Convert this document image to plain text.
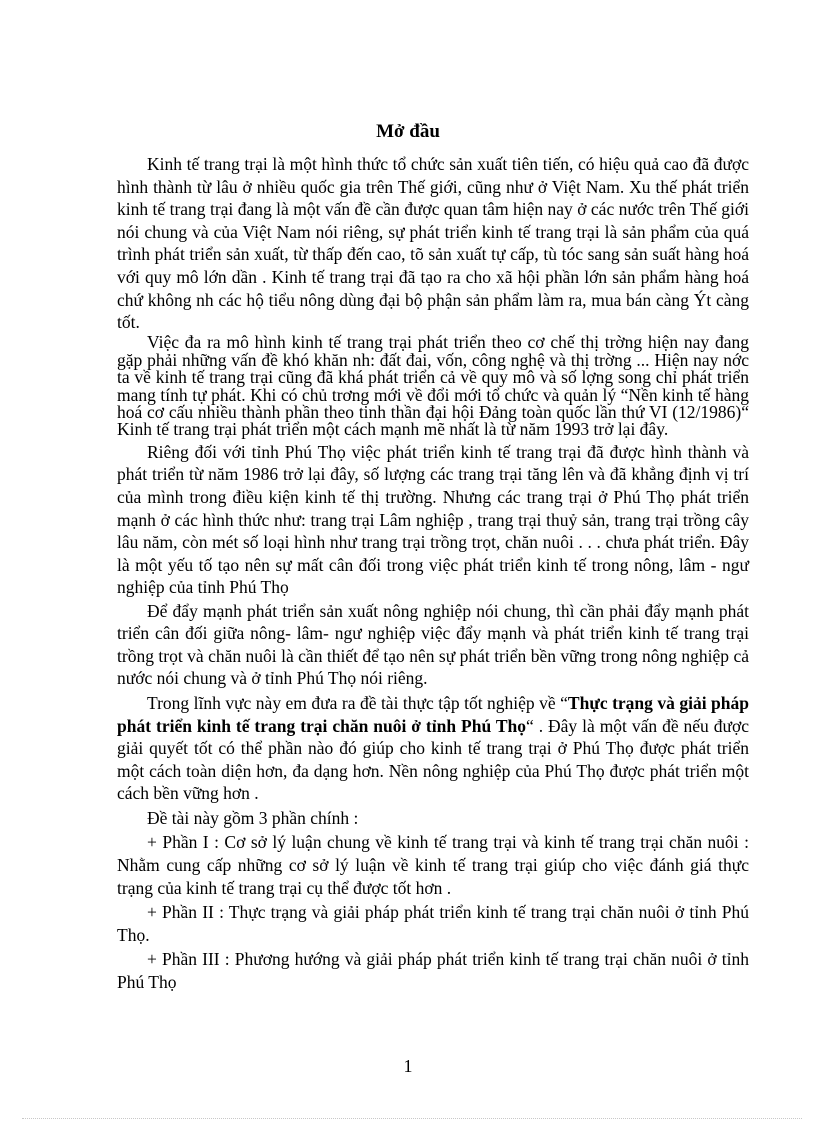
Mở đầu

Kinh tế trang trại là một hình thức tổ chức sản xuất tiên tiến, có hiệu quả cao đã được hình thành từ lâu ở nhiều quốc gia trên Thế giới, cũng như ở Việt Nam. Xu thế phát triển kinh tế trang trại đang là một vấn đề cần được quan tâm hiện nay ở các nước trên Thế giới nói chung và của Việt Nam nói riêng, sự phát triển kinh tế trang trại là sản phẩm của quá trình phát triển sản xuất, từ thấp đến cao, tõ sản xuất tự cấp, tù tóc sang sản suất hàng hoá với quy mô lớn dần . Kinh tế trang trại đã tạo ra cho xã hội phần lớn sản phẩm hàng hoá chứ không nh các hộ tiểu nông dùng đại bộ phận sản phẩm làm ra, mua bán càng Ýt càng tốt.

Việc đa ra mô hình kinh tế trang trại phát triển theo cơ chế thị trờng hiện nay đang gặp phải những vấn đề khó khăn nh: đất đai, vốn, công nghệ và thị trờng ... Hiện nay nớc ta về kinh tế trang trại cũng đã khá phát triển cả về quy mô và số lợng song chỉ phát triển mang tính tự phát. Khi có chủ trơng mới về đổi mới tổ chức và quản lý “Nền kinh tế hàng hoá cơ cấu nhiều thành phần theo tinh thần đại hội Đảng toàn quốc lần thứ VI (12/1986)“ Kinh tế trang trại phát triển một cách mạnh mẽ nhất là từ năm 1993 trở lại đây.

Riêng đối với tỉnh Phú Thọ việc phát triển kinh tế trang trại đã được hình thành và phát triển từ năm 1986 trở lại đây, số lượng các trang trại tăng lên và đã khẳng định vị trí của mình trong điều kiện kinh tế thị trường. Nhưng các trang trại ở Phú Thọ phát triển mạnh ở các hình thức như: trang trại Lâm nghiệp , trang trại thuỷ sản, trang trại trồng cây lâu năm, còn mét số loại hình như trang trại trồng trọt, chăn nuôi . . . chưa phát triển. Đây là một yếu tố tạo nên sự mất cân đối trong việc phát triển kinh tế trong nông, lâm - ngư nghiệp của tỉnh Phú Thọ

Để đẩy mạnh phát triển sản xuất nông nghiệp nói chung, thì cần phải đẩy mạnh phát triển cân đối giữa nông- lâm- ngư nghiệp việc đẩy mạnh và phát triển kinh tế trang trại trồng trọt và chăn nuôi là cần thiết để tạo nên sự phát triển bền vững trong nông nghiệp cả nước nói chung và ở tỉnh Phú Thọ nói riêng.

Trong lĩnh vực này em đưa ra đề tài thực tập tốt nghiệp về “Thực trạng và giải pháp phát triển kinh tế trang trại chăn nuôi ở tỉnh Phú Thọ“ . Đây là một vấn đề nếu được giải quyết tốt có thể phần nào đó giúp cho kinh tế trang trại ở Phú Thọ được phát triển một cách toàn diện hơn, đa dạng hơn. Nền nông nghiệp của Phú Thọ được phát triển một cách bền vững hơn .

Đề tài này gồm 3 phần chính :

+ Phần I : Cơ sở lý luận chung về kinh tế trang trại và kinh tế trang trại chăn nuôi : Nhằm cung cấp những cơ sở lý luận về kinh tế trang trại giúp cho việc đánh giá thực trạng của kinh tế trang trại cụ thể được tốt hơn .

+ Phần II : Thực trạng và giải pháp phát triển kinh tế trang trại chăn nuôi ở tỉnh Phú Thọ.

+ Phần III : Phương hướng và giải pháp phát triển kinh tế trang trại chăn nuôi ở tỉnh Phú Thọ

1
